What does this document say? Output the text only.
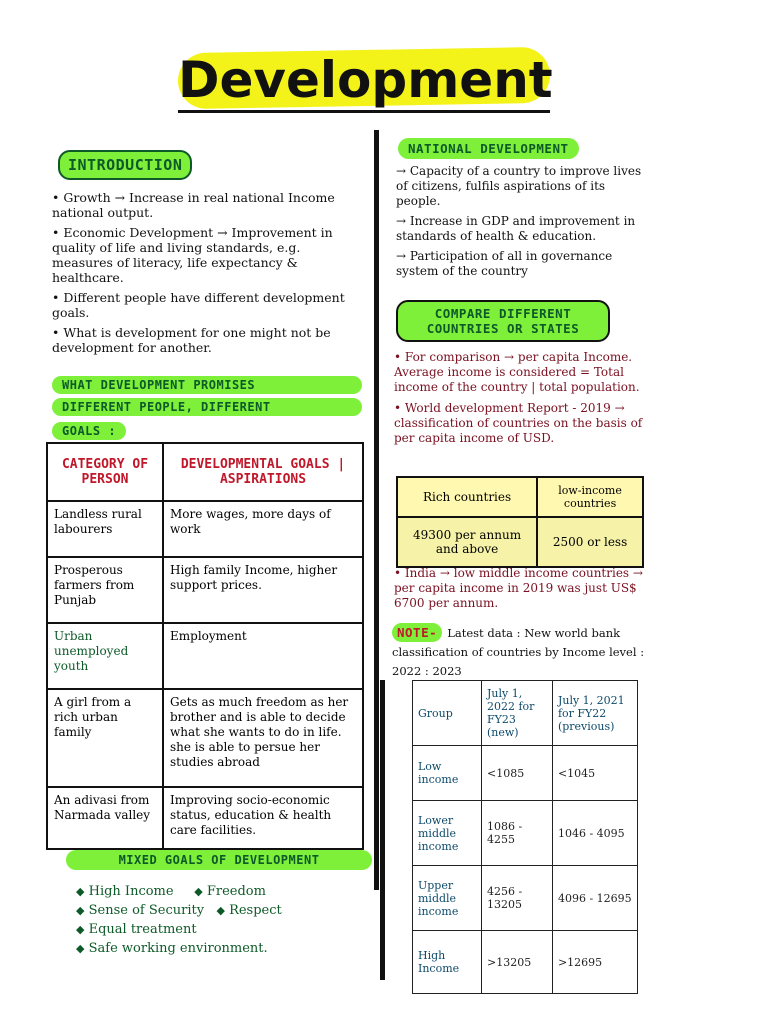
Development
INTRODUCTION
• Growth → Increase in real national Income national output.
• Economic Development → Improvement in quality of life and living standards, e.g. measures of literacy, life expectancy & healthcare.
• Different people have different development goals.
• What is development for one might not be development for another.
WHAT DEVELOPMENT PROMISES
DIFFERENT PEOPLE, DIFFERENT
GOALS :
CATEGORY OF PERSON	DEVELOPMENTAL GOALS | ASPIRATIONS
Landless rural labourers	More wages, more days of work
Prosperous farmers from Punjab	High family Income, higher support prices.
Urban unemployed youth	Employment
A girl from a rich urban family	Gets as much freedom as her brother and is able to decide what she wants to do in life. she is able to persue her studies abroad
An adivasi from Narmada valley	Improving socio-economic status, education & health care facilities.
MIXED GOALS OF DEVELOPMENT
◆ High Income ◆ Freedom
◆ Sense of Security ◆ Respect
◆ Equal treatment
◆ Safe working environment.
NATIONAL DEVELOPMENT
→ Capacity of a country to improve lives of citizens, fulfils aspirations of its people.
→ Increase in GDP and improvement in standards of health & education.
→ Participation of all in governance system of the country
COMPARE DIFFERENT
COUNTRIES OR STATES
• For comparison → per capita Income. Average income is considered = Total income of the country | total population.
• World development Report - 2019 → classification of countries on the basis of per capita income of USD.
Rich countries	low-income countries
49300 per annum and above	2500 or less
• India → low middle income countries → per capita income in 2019 was just US$ 6700 per annum.
NOTE- Latest data : New world bank classification of countries by Income level : 2022 : 2023
Group	July 1, 2022 for FY23 (new)	July 1, 2021 for FY22 (previous)
Low income	<1085	<1045
Lower middle income	1086 - 4255	1046 - 4095
Upper middle income	4256 - 13205	4096 - 12695
High Income	>13205	>12695
